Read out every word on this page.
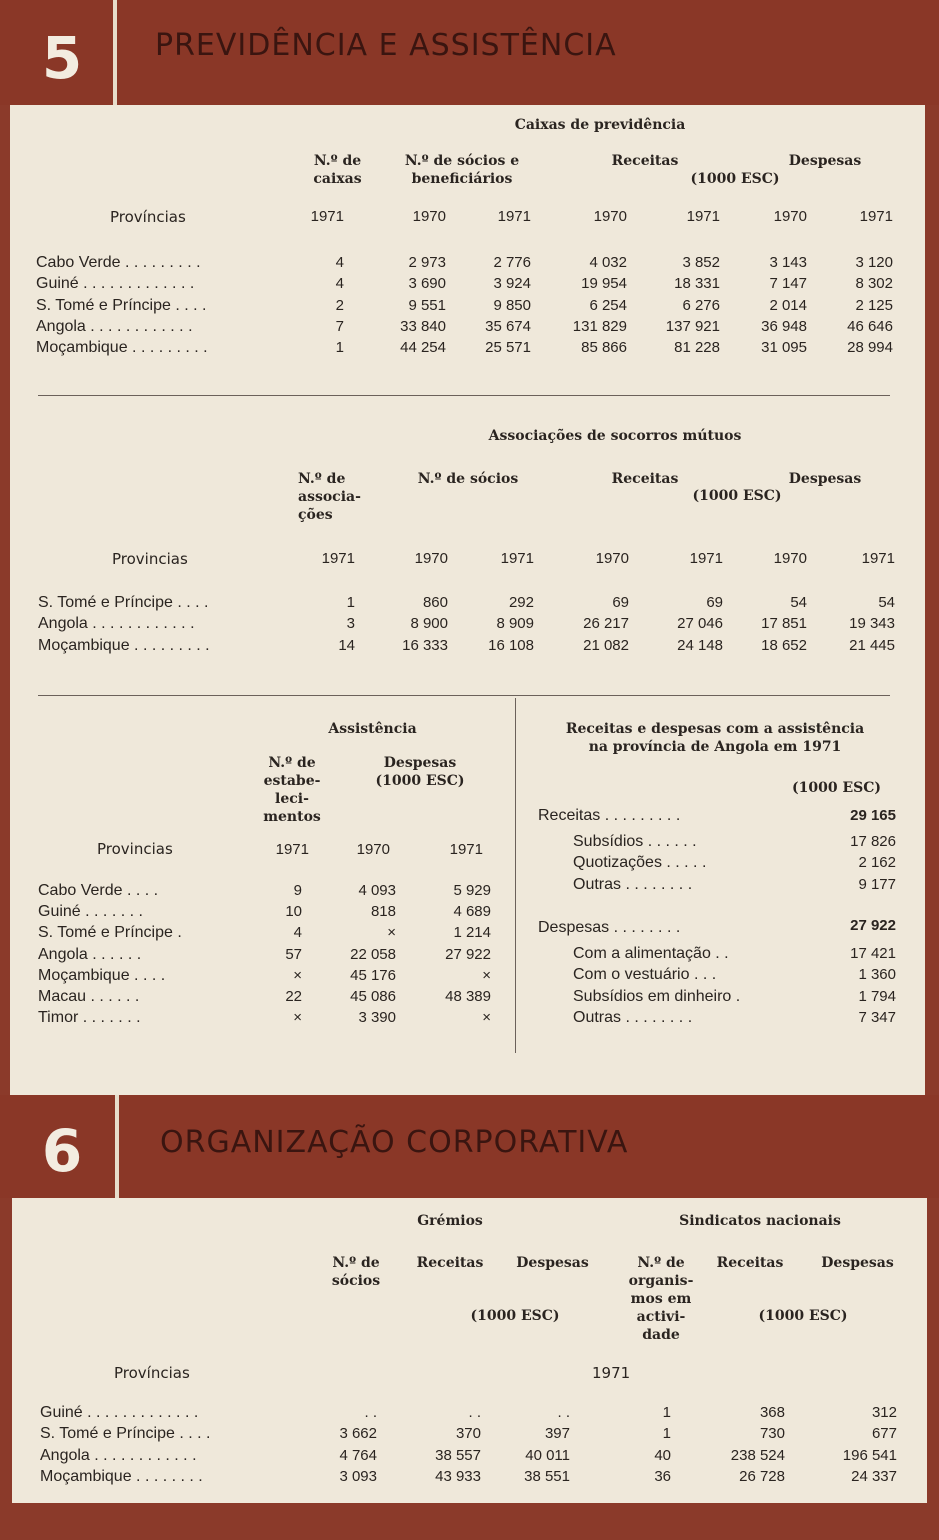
5	PREVIDÊNCIA E ASSISTÊNCIA
Caixas de previdência
N.º de caixas
N.º de sócios e beneficiários
Receitas	Despesas
(1000 ESC)
Províncias	1971	1970	1971	1970	1971	1970	1971
Cabo Verde . . . . . . . . .	4	2 973	2 776	4 032	3 852	3 143	3 120
Guiné . . . . . . . . . . . . .	4	3 690	3 924	19 954	18 331	7 147	8 302
S. Tomé e Príncipe . . . .	2	9 551	9 850	6 254	6 276	2 014	2 125
Angola . . . . . . . . . . . .	7	33 840	35 674	131 829	137 921	36 948	46 646
Moçambique . . . . . . . . .	1	44 254	25 571	85 866	81 228	31 095	28 994
Associações de socorros mútuos
N.º de associa-ções
N.º de sócios	Receitas	Despesas
(1000 ESC)
Provincias	1971	1970	1971	1970	1971	1970	1971
S. Tomé e Príncipe . . . .	1	860	292	69	69	54	54
Angola . . . . . . . . . . . .	3	8 900	8 909	26 217	27 046	17 851	19 343
Moçambique . . . . . . . . .	14	16 333	16 108	21 082	24 148	18 652	21 445
Assistência
N.º de estabe-leci-mentos
Despesas
(1000 ESC)
Provincias	1971	1970	1971
Cabo Verde . . . .	9	4 093	5 929
Guiné . . . . . . .	10	818	4 689
S. Tomé e Príncipe .	4	×	1 214
Angola . . . . . .	57	22 058	27 922
Moçambique . . . .	×	45 176	×
Macau . . . . . .	22	45 086	48 389
Timor . . . . . . .	×	3 390	×
Receitas e despesas com a assistência
na província de Angola em 1971
(1000 ESC)
Receitas . . . . . . . . .	29 165
Subsídios . . . . . .	17 826
Quotizações . . . . .	2 162
Outras . . . . . . . .	9 177
Despesas . . . . . . . .	27 922
Com a alimentação . .	17 421
Com o vestuário . . .	1 360
Subsídios em dinheiro .	1 794
Outras . . . . . . . .	7 347
6	ORGANIZAÇÃO CORPORATIVA
Grémios	Sindicatos nacionais
N.º de sócios
Receitas	Despesas
(1000 ESC)
N.º de organis-mos em activi-dade
Receitas	Despesas
(1000 ESC)
Províncias	1971
Guiné . . . . . . . . . . . . .	. .	. .	. .	1	368	312
S. Tomé e Príncipe . . . .	3 662	370	397	1	730	677
Angola . . . . . . . . . . . .	4 764	38 557	40 011	40	238 524	196 541
Moçambique . . . . . . . .	3 093	43 933	38 551	36	26 728	24 337
